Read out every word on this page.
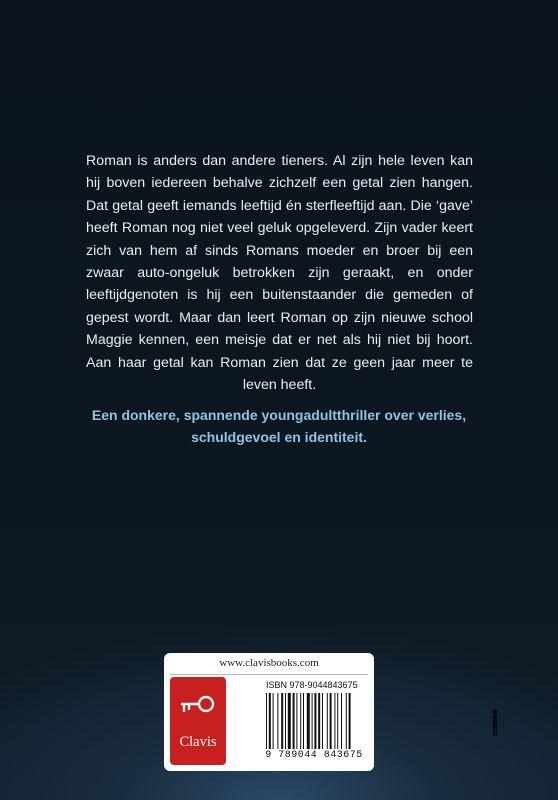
Roman is anders dan andere tieners. Al zijn hele leven kan hij boven iedereen behalve zichzelf een getal zien hangen. Dat getal geeft iemands leeftijd én sterfleeftijd aan. Die ‘gave’ heeft Roman nog niet veel geluk opgeleverd. Zijn vader keert zich van hem af sinds Romans moeder en broer bij een zwaar auto-ongeluk betrokken zijn geraakt, en onder leeftijdgenoten is hij een buitenstaander die gemeden of gepest wordt. Maar dan leert Roman op zijn nieuwe school Maggie kennen, een meisje dat er net als hij niet bij hoort. Aan haar getal kan Roman zien dat ze geen jaar meer te leven heeft.

Een donkere, spannende youngadultthriller over verlies, schuldgevoel en identiteit.

www.clavisbooks.com
Clavis
ISBN 978-9044843675
9 789044 843675
